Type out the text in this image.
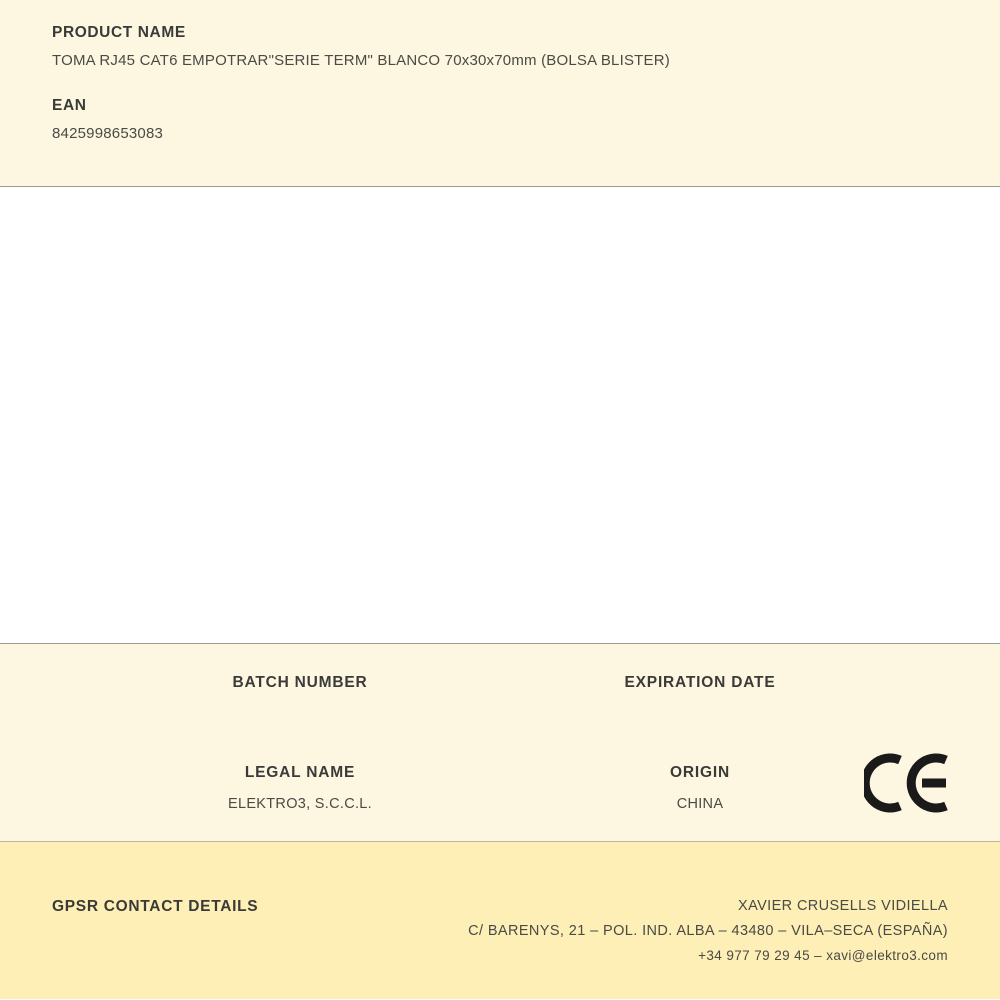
PRODUCT NAME

TOMA RJ45 CAT6 EMPOTRAR"SERIE TERM" BLANCO 70x30x70mm (BOLSA BLISTER)

EAN

8425998653083

BATCH NUMBER	EXPIRATION DATE

LEGAL NAME

ELEKTRO3, S.C.C.L.

ORIGIN

CHINA

GPSR CONTACT DETAILS	XAVIER CRUSELLS VIDIELLA
C/ BARENYS, 21 – POL. IND. ALBA – 43480 – VILA–SECA (ESPAÑA)
+34 977 79 29 45 – xavi@elektro3.com
